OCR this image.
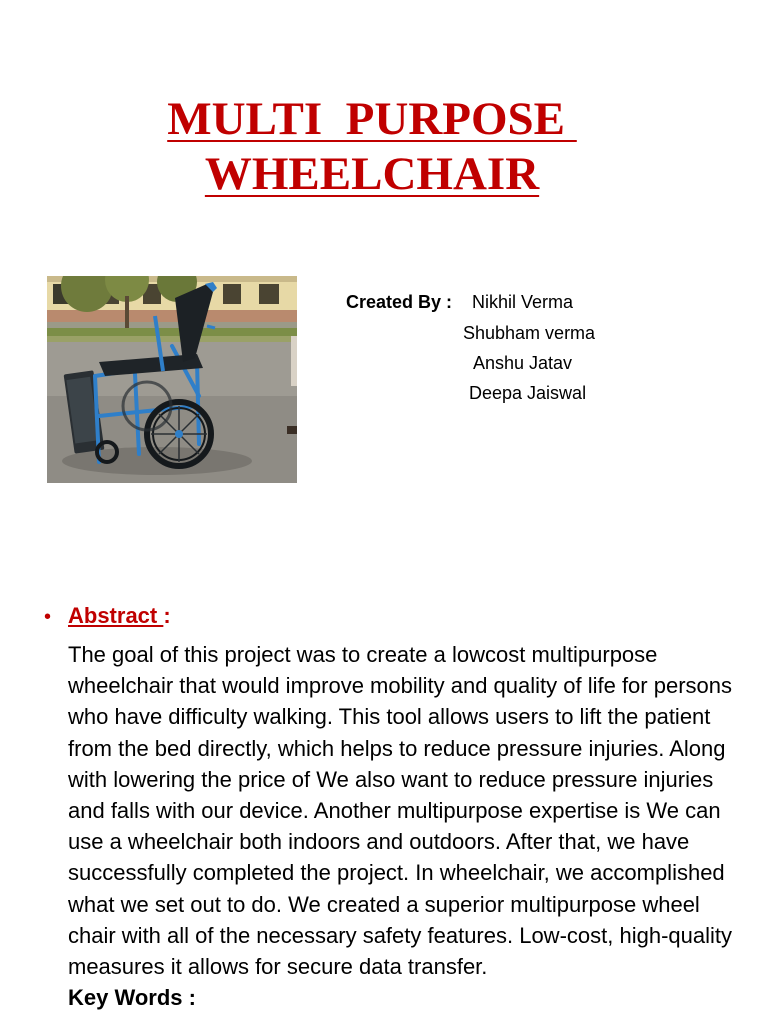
MULTI  PURPOSE
WHEELCHAIR
Created By : Nikhil Verma
Shubham verma
Anshu Jatav
Deepa Jaiswal
• Abstract :
The goal of this project was to create a lowcost multipurpose wheelchair that would improve mobility and quality of life for persons who have difficulty walking. This tool allows users to lift the patient from the bed directly, which helps to reduce pressure injuries. Along with lowering the price of We also want to reduce pressure injuries and falls with our device. Another multipurpose expertise is We can use a wheelchair both indoors and outdoors. After that, we have successfully completed the project. In wheelchair, we accomplished what we set out to do. We created a superior multipurpose wheel chair with all of the necessary safety features. Low-cost, high-quality measures it allows for secure data transfer.
Key Words :
